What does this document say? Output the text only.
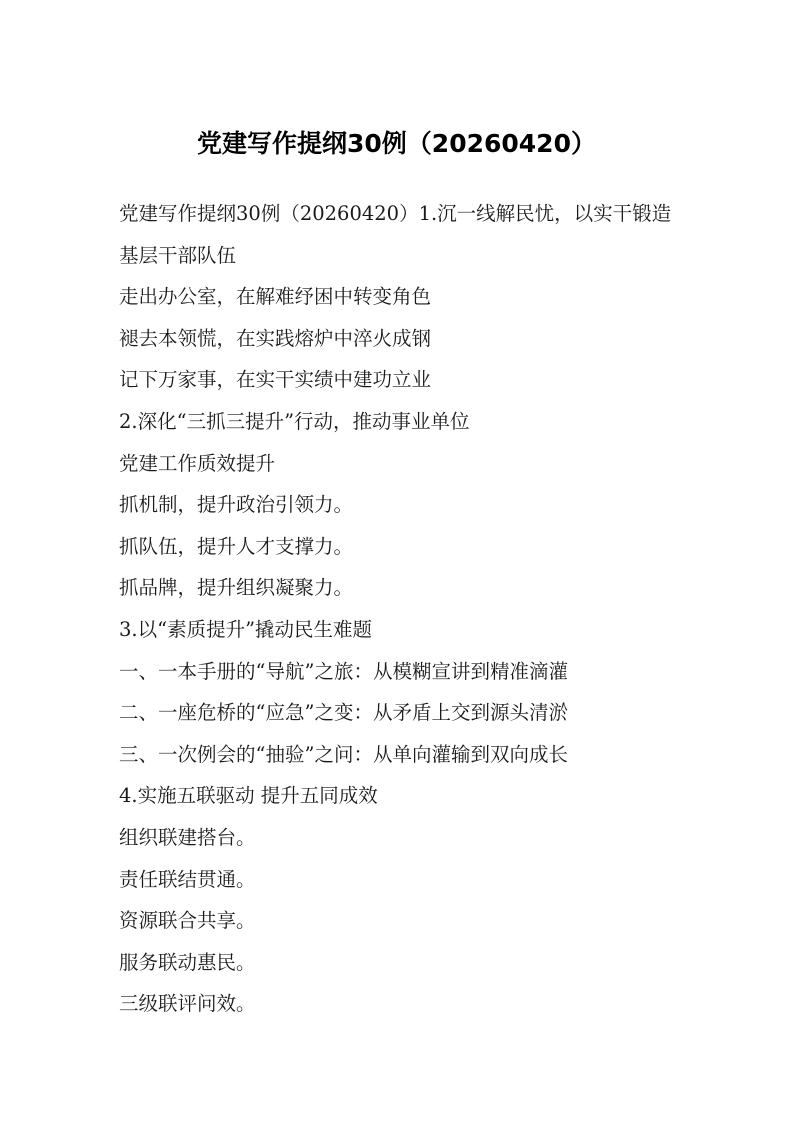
党建写作提纲30例（20260420）

党建写作提纲30例（20260420）1.沉一线解民忧，以实干锻造基层干部队伍

走出办公室，在解难纾困中转变角色

褪去本领慌，在实践熔炉中淬火成钢

记下万家事，在实干实绩中建功立业

2.深化“三抓三提升”行动，推动事业单位

党建工作质效提升

抓机制，提升政治引领力。

抓队伍，提升人才支撑力。

抓品牌，提升组织凝聚力。

3.以“素质提升”撬动民生难题

一、一本手册的“导航”之旅：从模糊宣讲到精准滴灌

二、一座危桥的“应急”之变：从矛盾上交到源头清淤

三、一次例会的“抽验”之问：从单向灌输到双向成长

4.实施五联驱动 提升五同成效

组织联建搭台。

责任联结贯通。

资源联合共享。

服务联动惠民。

三级联评问效。
